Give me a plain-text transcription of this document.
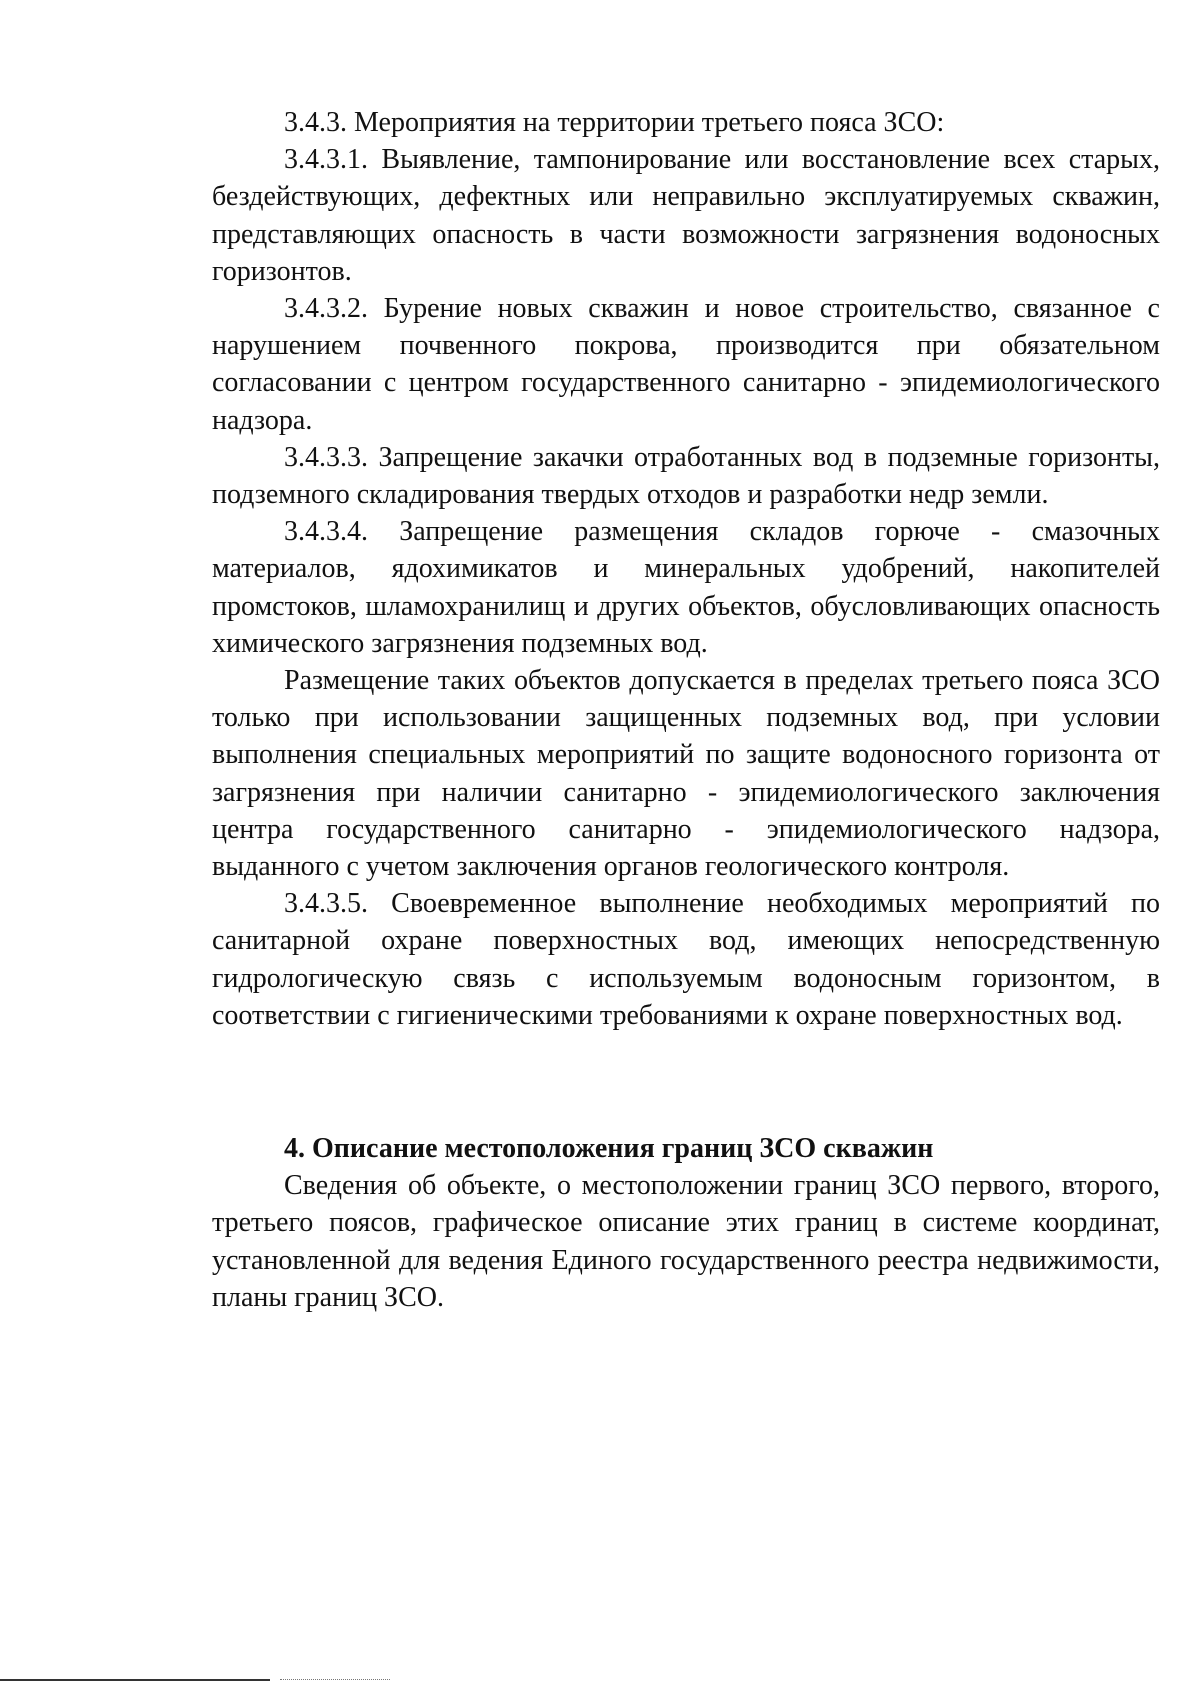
3.4.3. Мероприятия на территории третьего пояса ЗСО:

3.4.3.1. Выявление, тампонирование или восстановление всех старых, бездействующих, дефектных или неправильно эксплуатируемых скважин, представляющих опасность в части возможности загрязнения водоносных горизонтов.

3.4.3.2. Бурение новых скважин и новое строительство, связанное с нарушением почвенного покрова, производится при обязательном согласовании с центром государственного санитарно - эпидемиологического надзора.

3.4.3.3. Запрещение закачки отработанных вод в подземные горизонты, подземного складирования твердых отходов и разработки недр земли.

3.4.3.4. Запрещение размещения складов горюче - смазочных материалов, ядохимикатов и минеральных удобрений, накопителей промстоков, шламохранилищ и других объектов, обусловливающих опасность химического загрязнения подземных вод.

Размещение таких объектов допускается в пределах третьего пояса ЗСО только при использовании защищенных подземных вод, при условии выполнения специальных мероприятий по защите водоносного горизонта от загрязнения при наличии санитарно - эпидемиологического заключения центра государственного санитарно - эпидемиологического надзора, выданного с учетом заключения органов геологического контроля.

3.4.3.5. Своевременное выполнение необходимых мероприятий по санитарной охране поверхностных вод, имеющих непосредственную гидрологическую связь с используемым водоносным горизонтом, в соответствии с гигиеническими требованиями к охране поверхностных вод.

4. Описание местоположения границ ЗСО скважин

Сведения об объекте, о местоположении границ ЗСО первого, второго, третьего поясов, графическое описание этих границ в системе координат, установленной для ведения Единого государственного реестра недвижимости, планы границ ЗСО.
